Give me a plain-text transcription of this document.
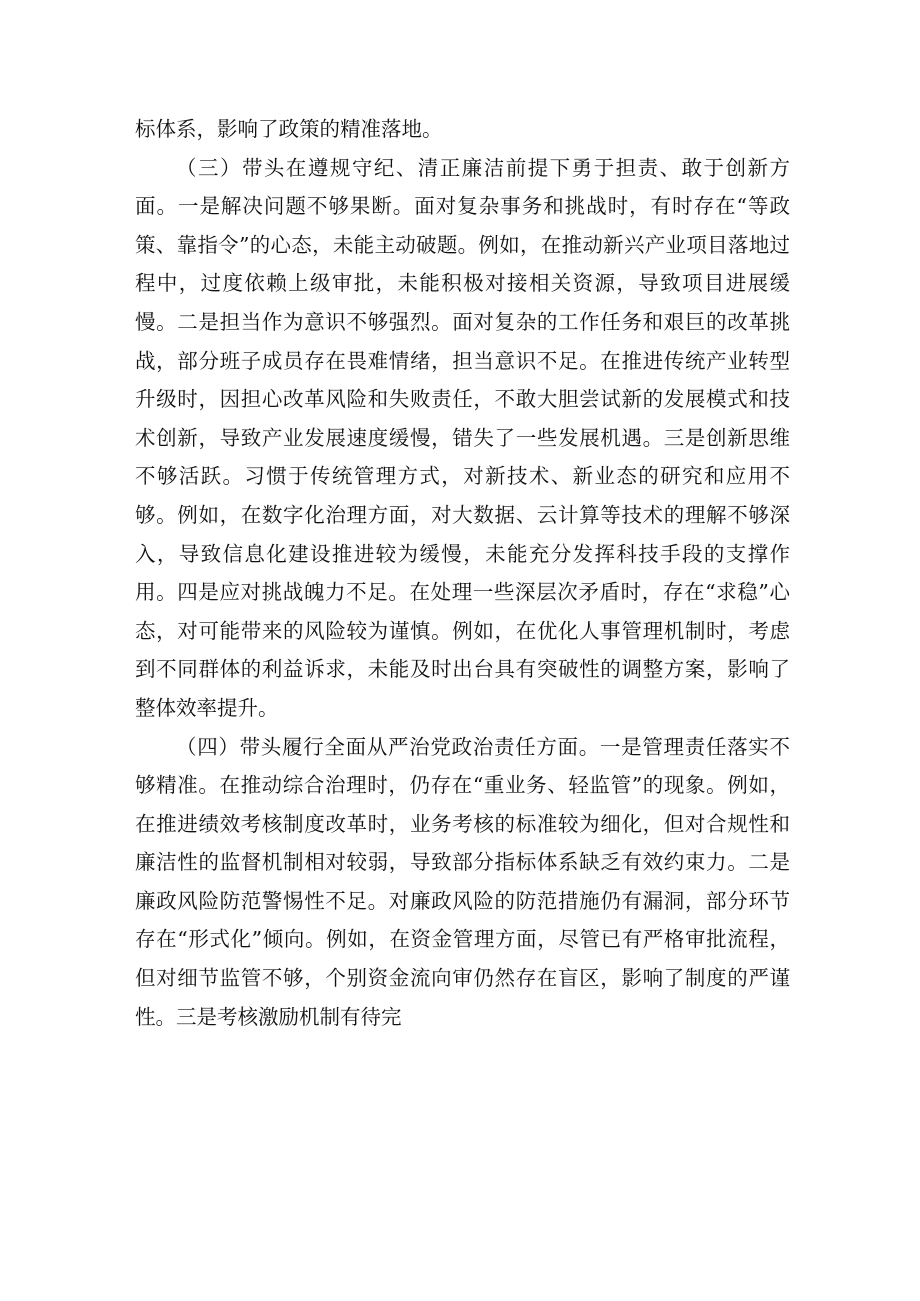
标体系，影响了政策的精准落地。

（三）带头在遵规守纪、清正廉洁前提下勇于担责、敢于创新方面。一是解决问题不够果断。面对复杂事务和挑战时，有时存在“等政策、靠指令”的心态，未能主动破题。例如，在推动新兴产业项目落地过程中，过度依赖上级审批，未能积极对接相关资源，导致项目进展缓慢。二是担当作为意识不够强烈。面对复杂的工作任务和艰巨的改革挑战，部分班子成员存在畏难情绪，担当意识不足。在推进传统产业转型升级时，因担心改革风险和失败责任，不敢大胆尝试新的发展模式和技术创新，导致产业发展速度缓慢，错失了一些发展机遇。三是创新思维不够活跃。习惯于传统管理方式，对新技术、新业态的研究和应用不够。例如，在数字化治理方面，对大数据、云计算等技术的理解不够深入，导致信息化建设推进较为缓慢，未能充分发挥科技手段的支撑作用。四是应对挑战魄力不足。在处理一些深层次矛盾时，存在“求稳”心态，对可能带来的风险较为谨慎。例如，在优化人事管理机制时，考虑到不同群体的利益诉求，未能及时出台具有突破性的调整方案，影响了整体效率提升。

（四）带头履行全面从严治党政治责任方面。一是管理责任落实不够精准。在推动综合治理时，仍存在“重业务、轻监管”的现象。例如，在推进绩效考核制度改革时，业务考核的标准较为细化，但对合规性和廉洁性的监督机制相对较弱，导致部分指标体系缺乏有效约束力。二是廉政风险防范警惕性不足。对廉政风险的防范措施仍有漏洞，部分环节存在“形式化”倾向。例如，在资金管理方面，尽管已有严格审批流程，但对细节监管不够，个别资金流向审仍然存在盲区，影响了制度的严谨性。三是考核激励机制有待完
